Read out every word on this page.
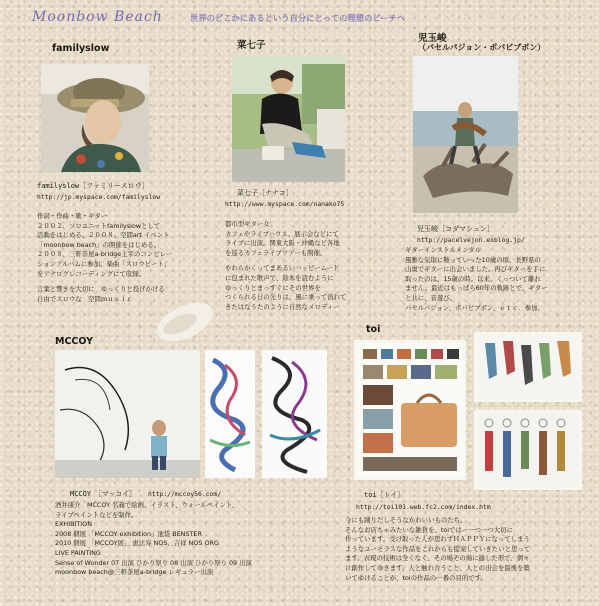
Moonbow Beach	世界のどこかにあるという自分にとっての理想のビーチへ
familyslow
familyslow［ファミリースロウ］
http://jp.myspace.com/familyslow
作詞・作曲・歌・ギター
２００２、ソロユニットfamilyslowとして
活動をはじめる。２００８、空間art イベント
「moonbow beach」の開催をはじめる。
２００８、三軒茶屋a-bridge主宰のコンピレー
ションアルバムに参加。楽曲「スロウビート」
をアナログレコーディングにて収録。
言葉と響きを大切に　ゆっくりと投げかける
自由でスロウな　空間ｍｕｓｉｃ
菜七子
菜七子［ナナコ］
http://www.myspace.com/nanako75
都市型ギター女
カフェやライブハウス、展示会などにて
ライブに出演。関東大阪・沖縄など各地
を巡るカフェライブツアーも開催。
やわらかくってまあるいハッピームード
に包まれた歌声で、絵本を読むように
ゆっくりとまっすぐにその世界を
つくられる日の光りは、風に乗って流れて
きたはなうたのように自然なメロディー
児玉峻
（パセルパジョン・ポパビブボン）
児玉峻［コダマシュン］
http://pacelvejon.exblog.jp/
ギターインストルメンタル
風雅な気取に鞍っていった10歳の頃、長野県の
山奥でギターに出会いました。再びギターを手に
取ったのは、15歳の時。以来、くっついて離れ
ません。最近はもっぱら60年の軌跡とで、ギター
と共に、音遊び。
パセルパジョン、ポパビブボン、ｅｔｃ．参加。
MCCOY
MCCOY　［マッコイ］ http://mccoy56.com/
酒井康介　MCCOY 名義で絵画、イラスト、ウォールペイント、
ライブペイントなどを制作。
EXHIBITION
2008 個展 「MCCOY exhibition」池袋 BENSTER
2010 個展 「MCCOY展」 恵比寿 NOS、吉祥 NOS ORG
LIVE PAINTING
Sense of Wonder 07 出演 ひかり祭り 08 出演 ひかり祭り 09 出演
moonbow beach@三軒茶屋a-bridge レギュラー出演
toi
toi［トイ］
http://toi101.web.fc2.com/index.htm
今にも踊りだしそうなかわいいものたち。
そんなお店ちゃみたいな雑貨を、toiではー一つ一つ大切に
作っています。受け取った人が思わずＨＡＰＰＹになってしまう
ようなユーモラスな作品をこれからも提案していきたいと思って
ます。表現の技術は全くなく、その場その場に適した形で、個々
に創作してゆきます。人と触れ合うこと、人との出会を最後を築
いてゆけることが、toiの作品の一番の目的です。
